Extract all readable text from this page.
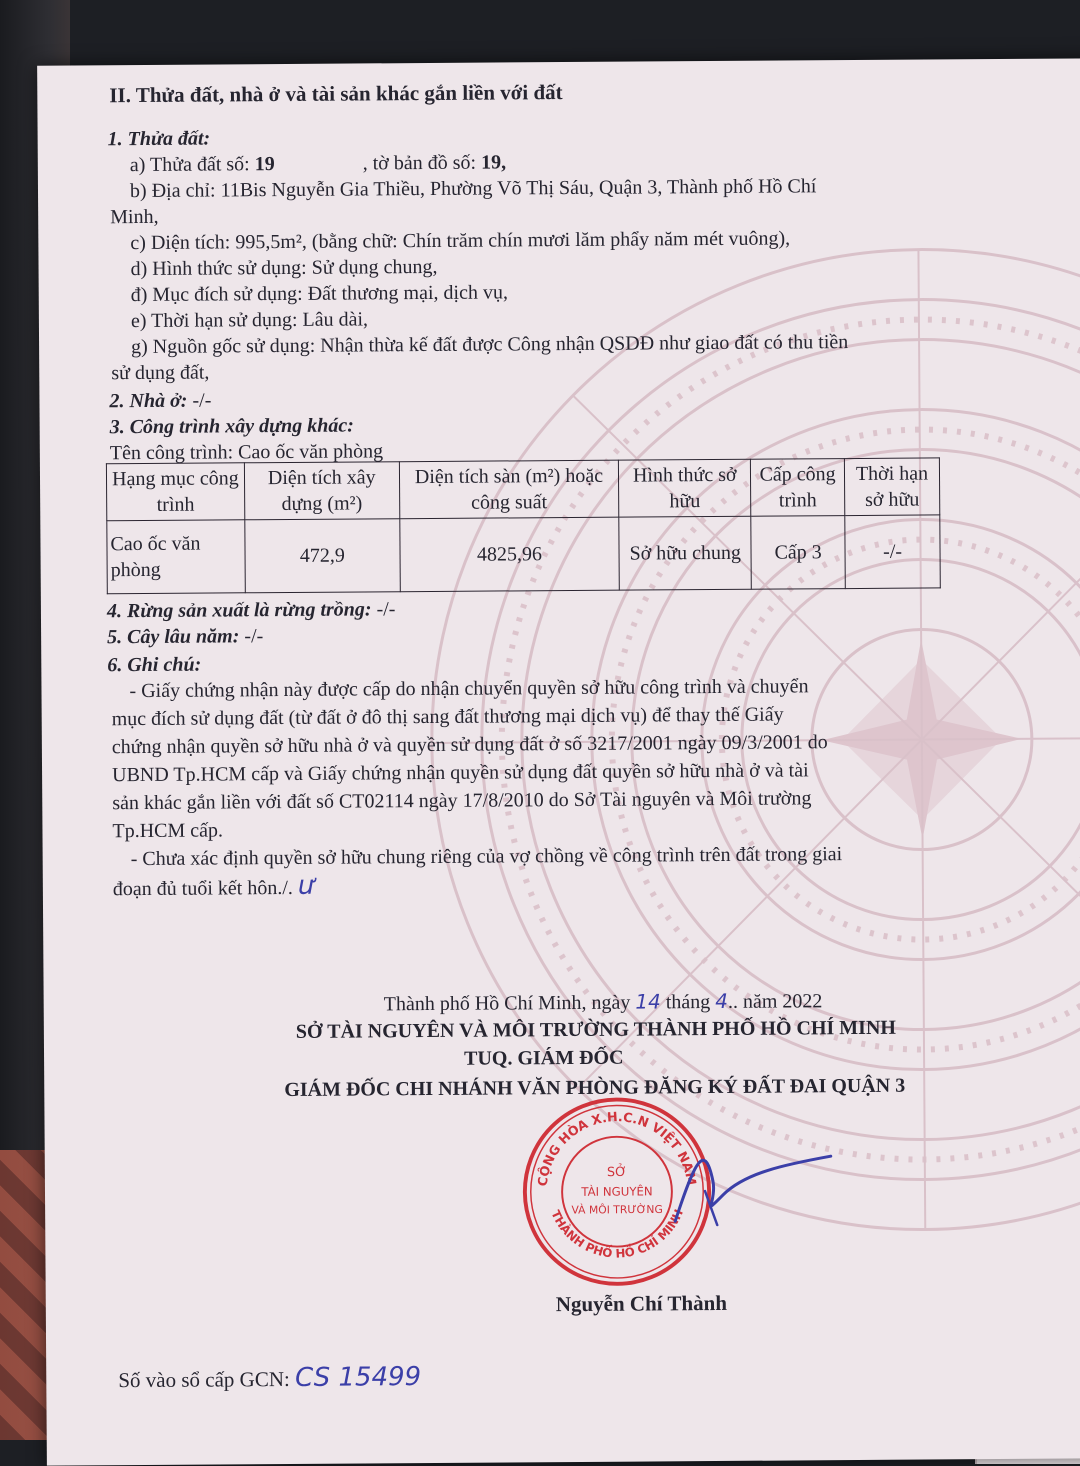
II. Thửa đất, nhà ở và tài sản khác gắn liền với đất
1. Thửa đất:
a) Thửa đất số: 19	, tờ bản đồ số: 19,
b) Địa chỉ: 11Bis Nguyễn Gia Thiều, Phường Võ Thị Sáu, Quận 3, Thành phố Hồ Chí
Minh,
c) Diện tích: 995,5m², (bằng chữ: Chín trăm chín mươi lăm phẩy năm mét vuông),
d) Hình thức sử dụng: Sử dụng chung,
đ) Mục đích sử dụng: Đất thương mại, dịch vụ,
e) Thời hạn sử dụng: Lâu dài,
g) Nguồn gốc sử dụng: Nhận thừa kế đất được Công nhận QSDĐ như giao đất có thu tiền
sử dụng đất,
2. Nhà ở: -/-
3. Công trình xây dựng khác:
Tên công trình: Cao ốc văn phòng
Hạng mục công trình	Diện tích xây dựng (m²)	Diện tích sàn (m²) hoặc công suất	Hình thức sở hữu	Cấp công trình	Thời hạn sở hữu
Cao ốc văn phòng	472,9	4825,96	Sở hữu chung	Cấp 3	-/-
4. Rừng sản xuất là rừng trồng: -/-
5. Cây lâu năm: -/-
6. Ghi chú:
- Giấy chứng nhận này được cấp do nhận chuyển quyền sở hữu công trình và chuyển
mục đích sử dụng đất (từ đất ở đô thị sang đất thương mại dịch vụ) để thay thế Giấy
chứng nhận quyền sở hữu nhà ở và quyền sử dụng đất ở số 3217/2001 ngày 09/3/2001 do
UBND Tp.HCM cấp và Giấy chứng nhận quyền sử dụng đất quyền sở hữu nhà ở và tài
sản khác gắn liền với đất số CT02114 ngày 17/8/2010 do Sở Tài nguyên và Môi trường
Tp.HCM cấp.
- Chưa xác định quyền sở hữu chung riêng của vợ chồng về công trình trên đất trong giai
đoạn đủ tuổi kết hôn./. ư
Thành phố Hồ Chí Minh, ngày 14 tháng 4.. năm 2022
SỞ TÀI NGUYÊN VÀ MÔI TRƯỜNG THÀNH PHỐ HỒ CHÍ MINH
TUQ. GIÁM ĐỐC
GIÁM ĐỐC CHI NHÁNH VĂN PHÒNG ĐĂNG KÝ ĐẤT ĐAI QUẬN 3
CỘNG HÒA X.H.C.N VIỆT NAM
THÀNH PHỐ HỒ CHÍ MINH
SỞ
TÀI NGUYÊN
VÀ MÔI TRƯỜNG
Nguyễn Chí Thành
Số vào sổ cấp GCN: CS 15499
